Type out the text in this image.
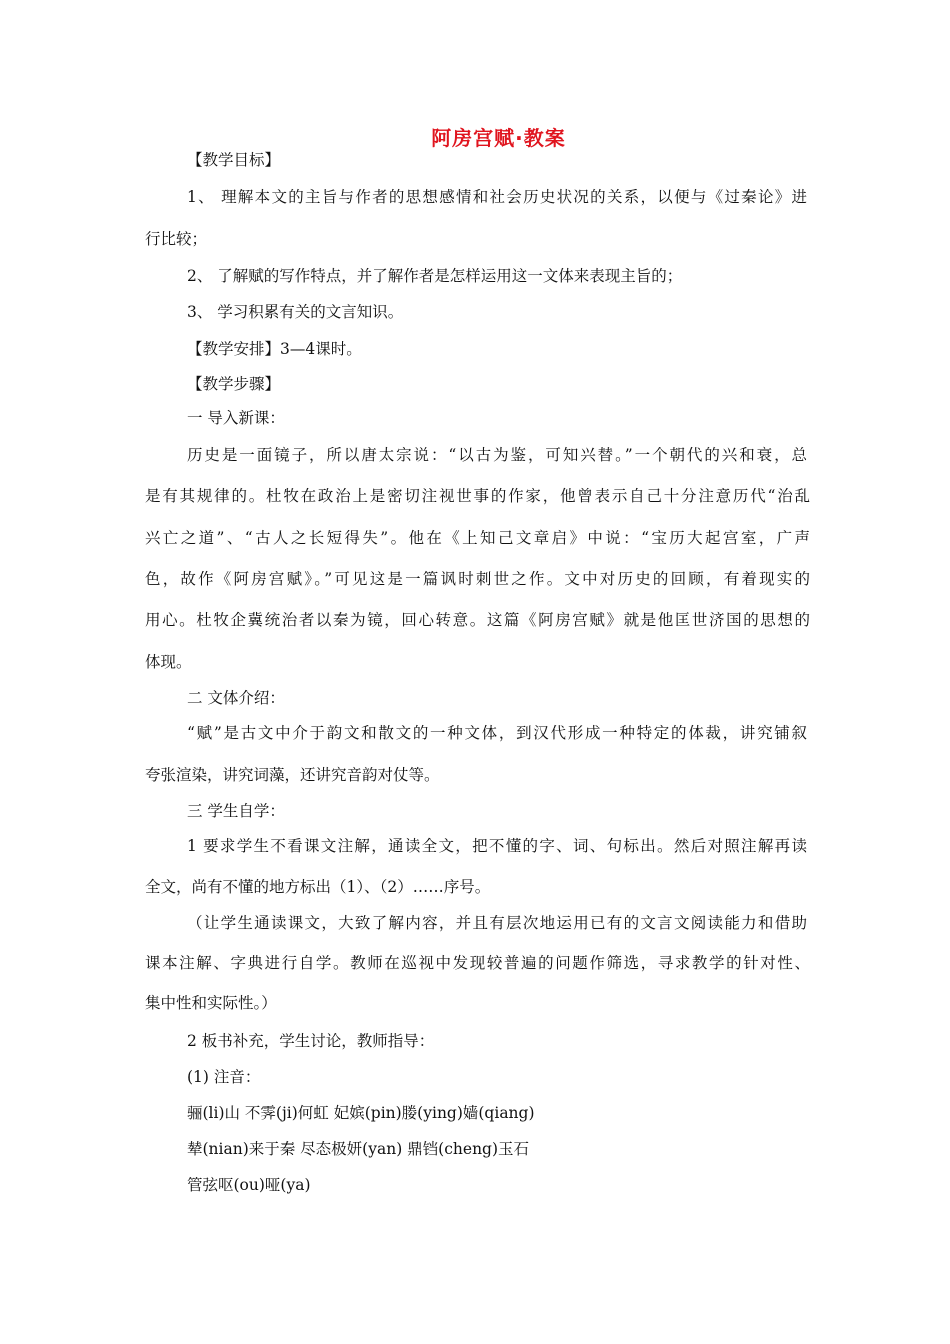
阿房宫赋·教案
【教学目标】
1、 理解本文的主旨与作者的思想感情和社会历史状况的关系，以便与《过秦论》进
行比较；
2、 了解赋的写作特点，并了解作者是怎样运用这一文体来表现主旨的；
3、 学习积累有关的文言知识。
【教学安排】3—4课时。
【教学步骤】
一 导入新课：
历史是一面镜子，所以唐太宗说：“以古为鉴，可知兴替。”一个朝代的兴和衰，总
是有其规律的。杜牧在政治上是密切注视世事的作家，他曾表示自己十分注意历代“治乱
兴亡之道”、“古人之长短得失”。他在《上知己文章启》中说：“宝历大起宫室，广声
色，故作《阿房宫赋》。”可见这是一篇讽时刺世之作。文中对历史的回顾，有着现实的
用心。杜牧企冀统治者以秦为镜，回心转意。这篇《阿房宫赋》就是他匡世济国的思想的
体现。
二 文体介绍：
“赋”是古文中介于韵文和散文的一种文体，到汉代形成一种特定的体裁，讲究铺叙
夸张渲染，讲究词藻，还讲究音韵对仗等。
三 学生自学：
1 要求学生不看课文注解，通读全文，把不懂的字、词、句标出。然后对照注解再读
全文，尚有不懂的地方标出（1）、（2）……序号。
（让学生通读课文，大致了解内容，并且有层次地运用已有的文言文阅读能力和借助
课本注解、字典进行自学。教师在巡视中发现较普遍的问题作筛选，寻求教学的针对性、
集中性和实际性。）
2 板书补充，学生讨论，教师指导：
(1) 注音：
骊(li)山 不霁(ji)何虹 妃嫔(pin)媵(ying)嫱(qiang)
辇(nian)来于秦 尽态极妍(yan) 鼎铛(cheng)玉石
管弦呕(ou)哑(ya)
